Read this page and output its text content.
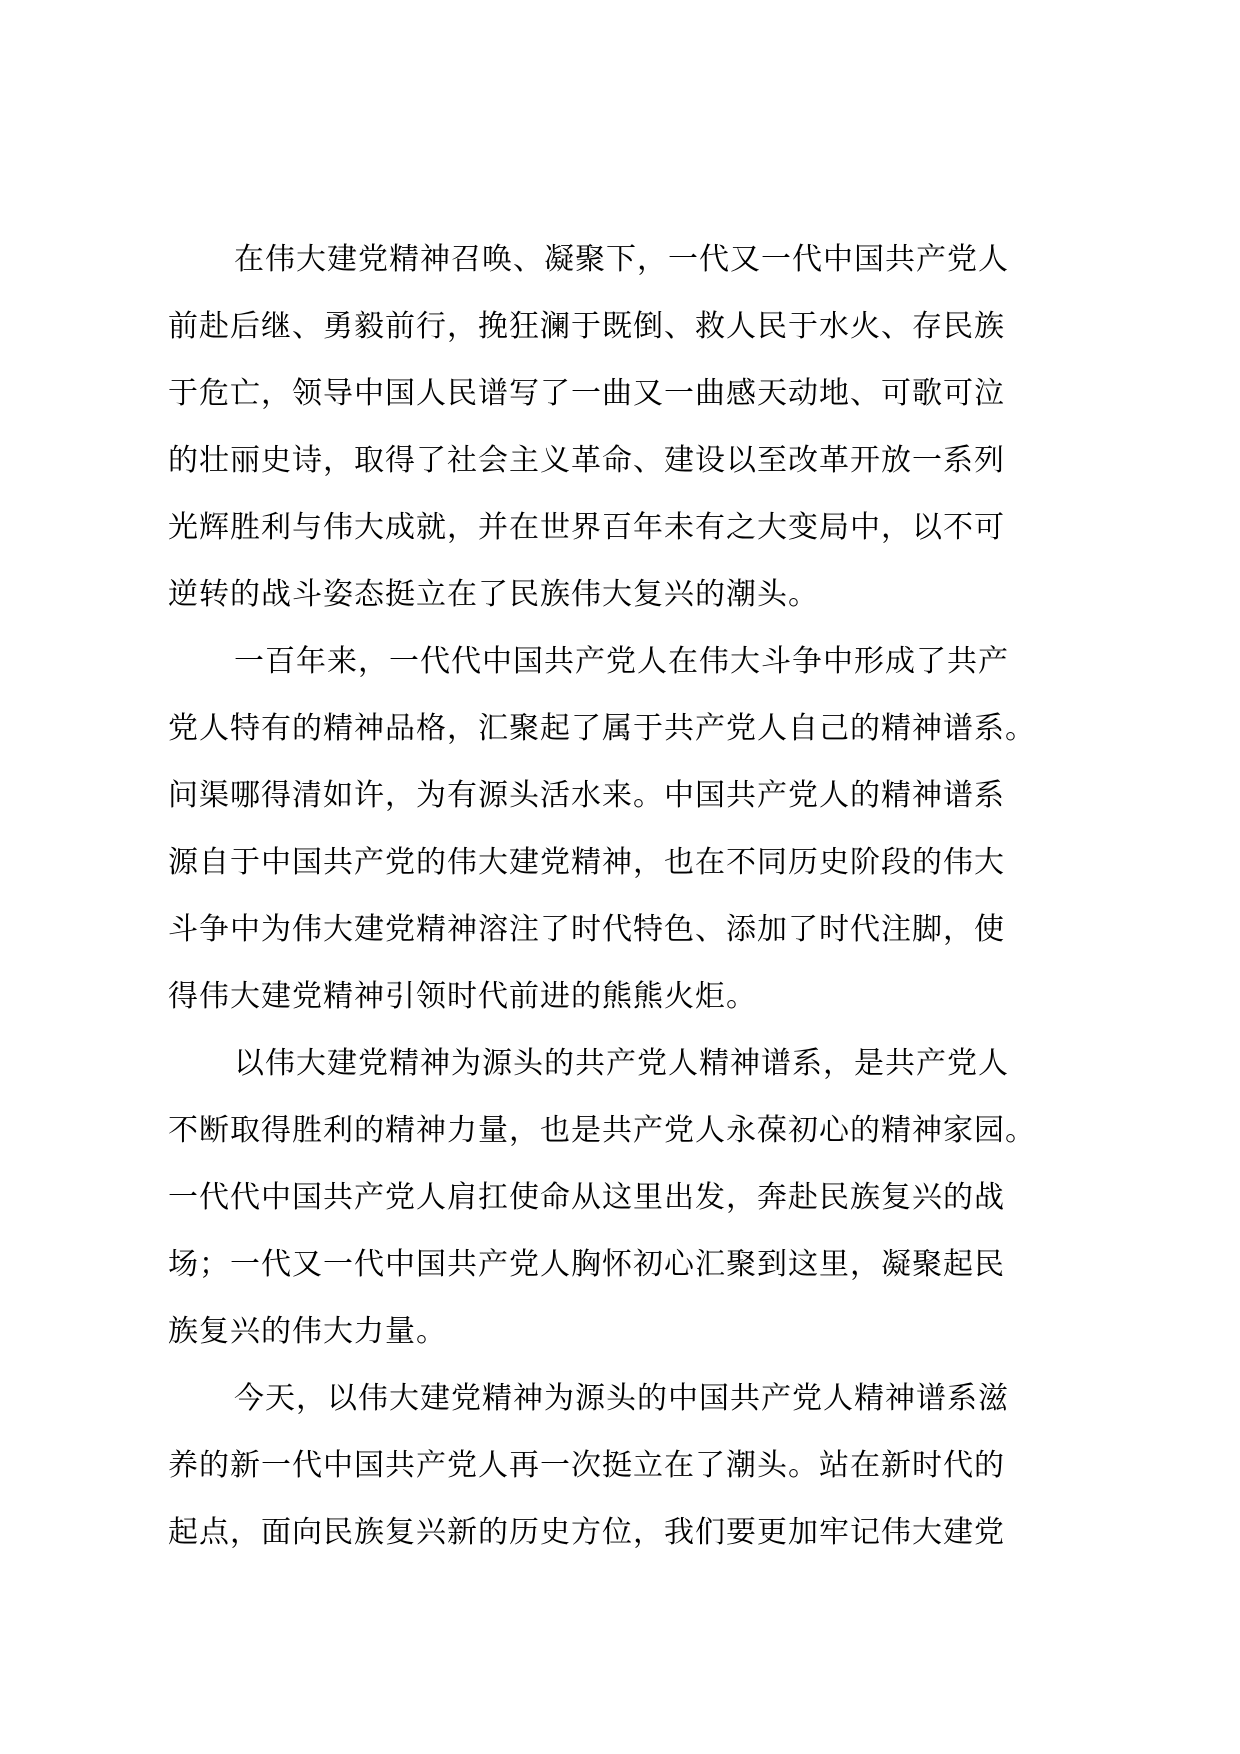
在伟大建党精神召唤、凝聚下，一代又一代中国共产党人
前赴后继、勇毅前行，挽狂澜于既倒、救人民于水火、存民族
于危亡，领导中国人民谱写了一曲又一曲感天动地、可歌可泣
的壮丽史诗，取得了社会主义革命、建设以至改革开放一系列
光辉胜利与伟大成就，并在世界百年未有之大变局中，以不可
逆转的战斗姿态挺立在了民族伟大复兴的潮头。
一百年来，一代代中国共产党人在伟大斗争中形成了共产
党人特有的精神品格，汇聚起了属于共产党人自己的精神谱系。
问渠哪得清如许，为有源头活水来。中国共产党人的精神谱系
源自于中国共产党的伟大建党精神，也在不同历史阶段的伟大
斗争中为伟大建党精神溶注了时代特色、添加了时代注脚，使
得伟大建党精神引领时代前进的熊熊火炬。
以伟大建党精神为源头的共产党人精神谱系，是共产党人
不断取得胜利的精神力量，也是共产党人永葆初心的精神家园。
一代代中国共产党人肩扛使命从这里出发，奔赴民族复兴的战
场；一代又一代中国共产党人胸怀初心汇聚到这里，凝聚起民
族复兴的伟大力量。
今天，以伟大建党精神为源头的中国共产党人精神谱系滋
养的新一代中国共产党人再一次挺立在了潮头。站在新时代的
起点，面向民族复兴新的历史方位，我们要更加牢记伟大建党
